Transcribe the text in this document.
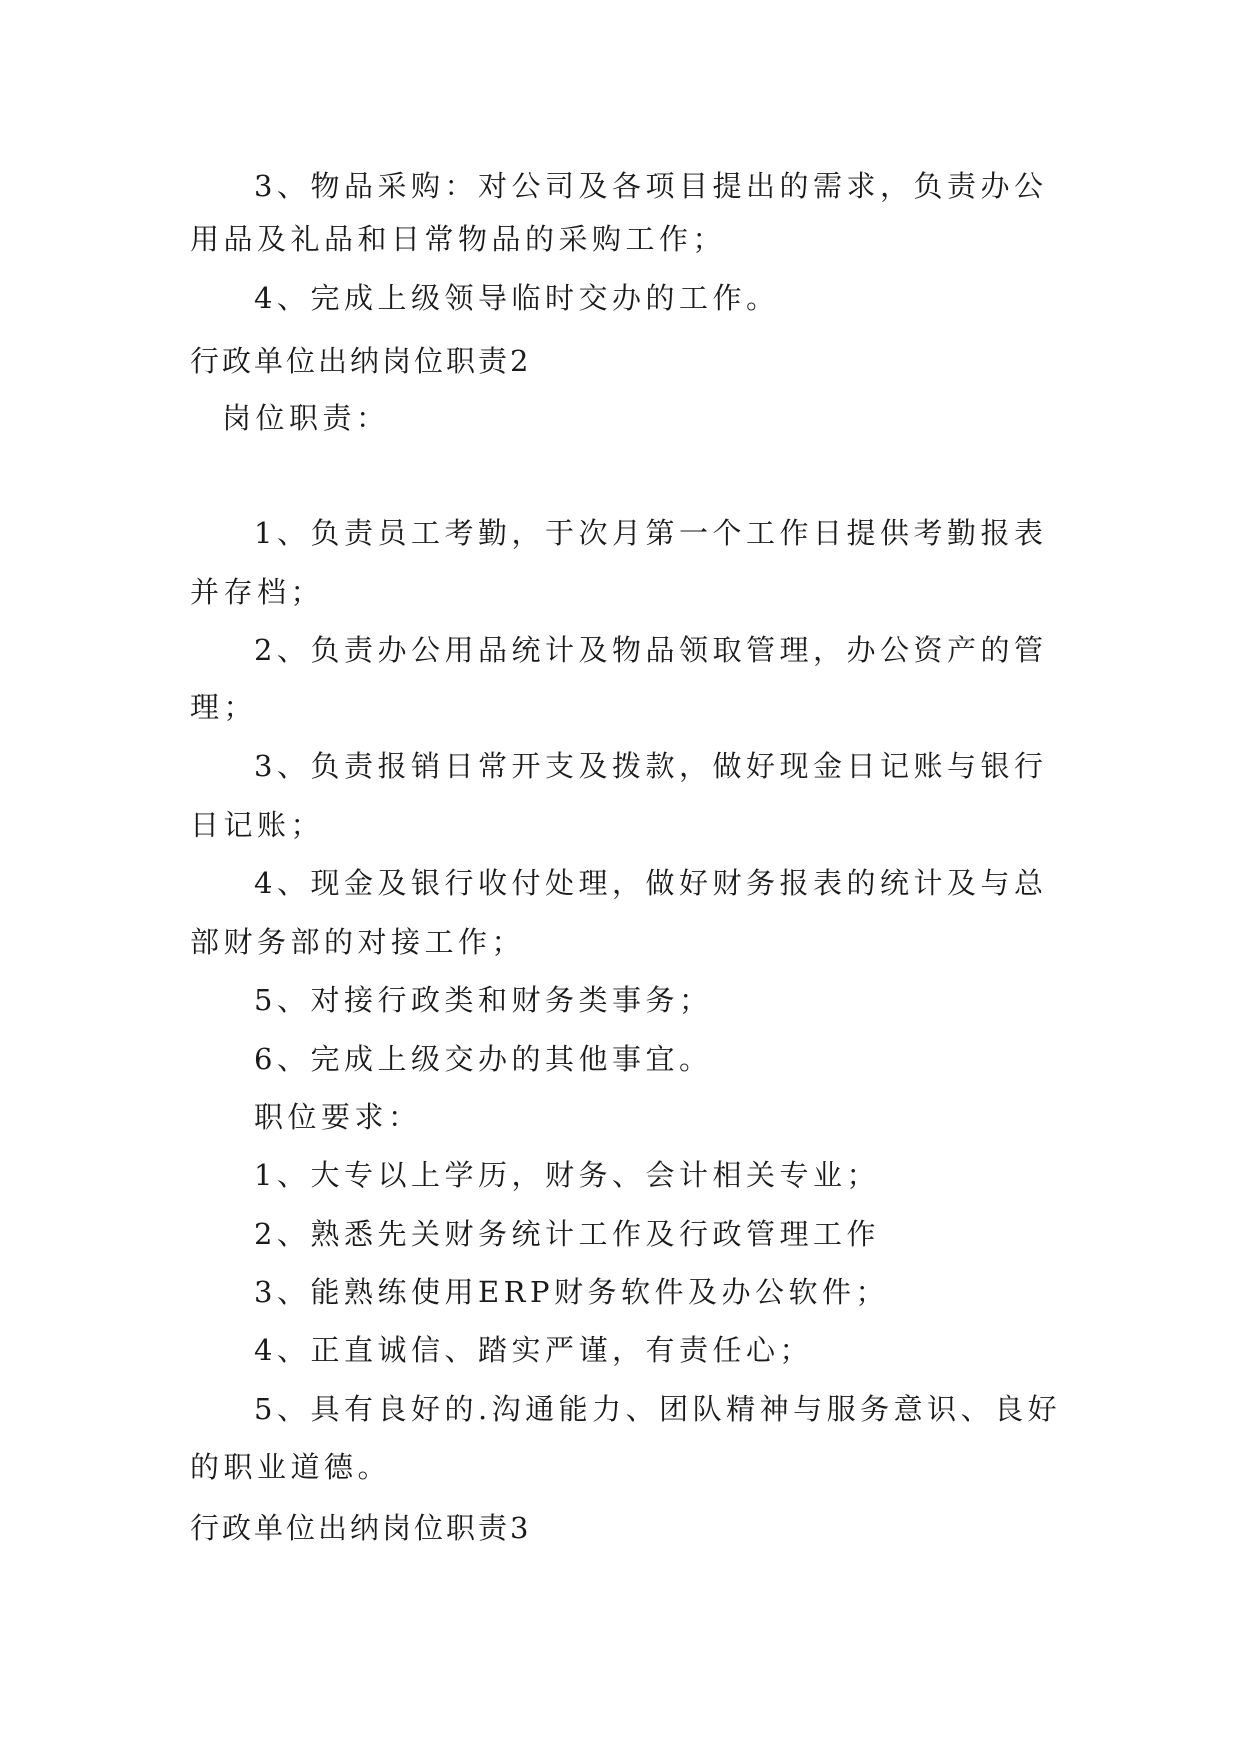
3、物品采购：对公司及各项目提出的需求，负责办公
用品及礼品和日常物品的采购工作；
4、完成上级领导临时交办的工作。
行政单位出纳岗位职责2
岗位职责：
1、负责员工考勤，于次月第一个工作日提供考勤报表
并存档；
2、负责办公用品统计及物品领取管理，办公资产的管
理；
3、负责报销日常开支及拨款，做好现金日记账与银行
日记账；
4、现金及银行收付处理，做好财务报表的统计及与总
部财务部的对接工作；
5、对接行政类和财务类事务；
6、完成上级交办的其他事宜。
职位要求：
1、大专以上学历，财务、会计相关专业；
2、熟悉先关财务统计工作及行政管理工作
3、能熟练使用ERP财务软件及办公软件；
4、正直诚信、踏实严谨，有责任心；
5、具有良好的.沟通能力、团队精神与服务意识、良好
的职业道德。
行政单位出纳岗位职责3
